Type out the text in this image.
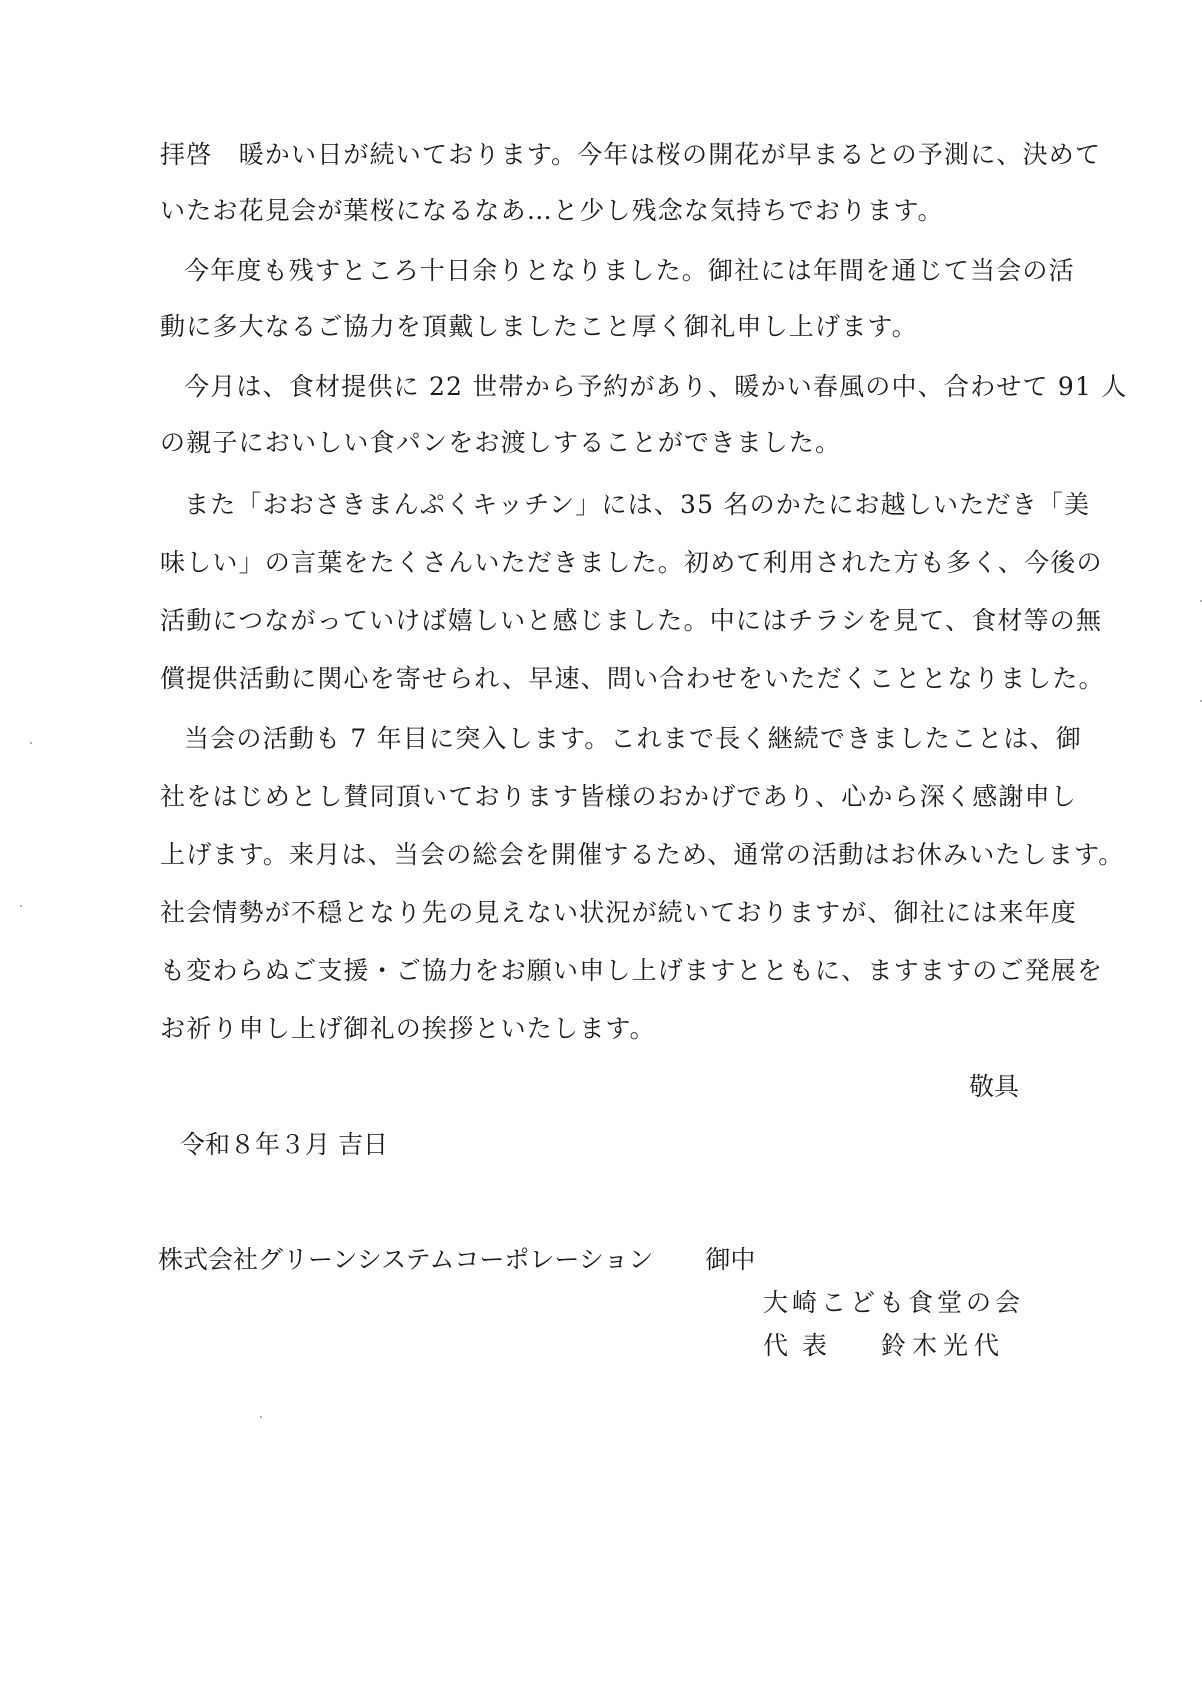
拝啓　暖かい日が続いております。今年は桜の開花が早まるとの予測に、決めて
いたお花見会が葉桜になるなあ…と少し残念な気持ちでおります。
今年度も残すところ十日余りとなりました。御社には年間を通じて当会の活
動に多大なるご協力を頂戴しましたこと厚く御礼申し上げます。
今月は、食材提供に 22 世帯から予約があり、暖かい春風の中、合わせて 91 人
の親子においしい食パンをお渡しすることができました。
また「おおさきまんぷくキッチン」には、35 名のかたにお越しいただき「美
味しい」の言葉をたくさんいただきました。初めて利用された方も多く、今後の
活動につながっていけば嬉しいと感じました。中にはチラシを見て、食材等の無
償提供活動に関心を寄せられ、早速、問い合わせをいただくこととなりました。
当会の活動も 7 年目に突入します。これまで長く継続できましたことは、御
社をはじめとし賛同頂いております皆様のおかげであり、心から深く感謝申し
上げます。来月は、当会の総会を開催するため、通常の活動はお休みいたします。
社会情勢が不穏となり先の見えない状況が続いておりますが、御社には来年度
も変わらぬご支援・ご協力をお願い申し上げますとともに、ますますのご発展を
お祈り申し上げ御礼の挨拶といたします。
敬具
令和８年３月 吉日
株式会社グリーンシステムコーポレーション 御中
大崎こども食堂の会
代表 鈴木光代
